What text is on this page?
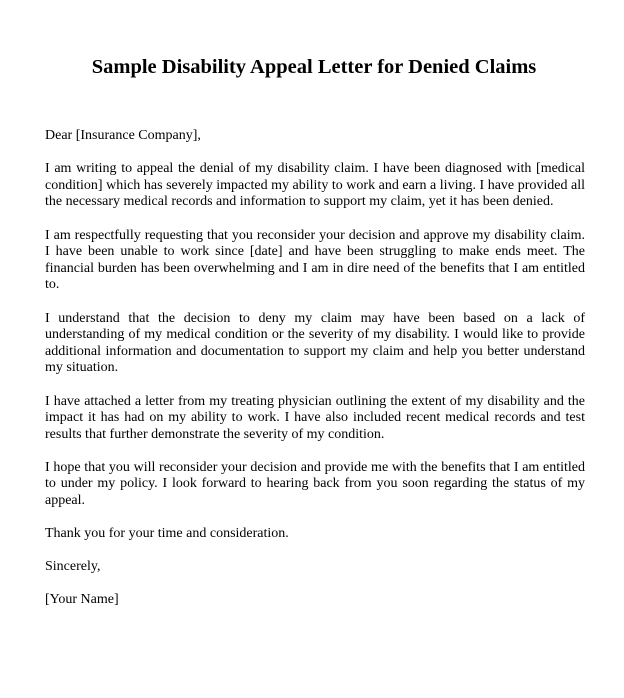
Sample Disability Appeal Letter for Denied Claims

Dear [Insurance Company],

I am writing to appeal the denial of my disability claim. I have been diagnosed with [medical condition] which has severely impacted my ability to work and earn a living. I have provided all the necessary medical records and information to support my claim, yet it has been denied.

I am respectfully requesting that you reconsider your decision and approve my disability claim. I have been unable to work since [date] and have been struggling to make ends meet. The financial burden has been overwhelming and I am in dire need of the benefits that I am entitled to.

I understand that the decision to deny my claim may have been based on a lack of understanding of my medical condition or the severity of my disability. I would like to provide additional information and documentation to support my claim and help you better understand my situation.

I have attached a letter from my treating physician outlining the extent of my disability and the impact it has had on my ability to work. I have also included recent medical records and test results that further demonstrate the severity of my condition.

I hope that you will reconsider your decision and provide me with the benefits that I am entitled to under my policy. I look forward to hearing back from you soon regarding the status of my appeal.

Thank you for your time and consideration.

Sincerely,

[Your Name]
